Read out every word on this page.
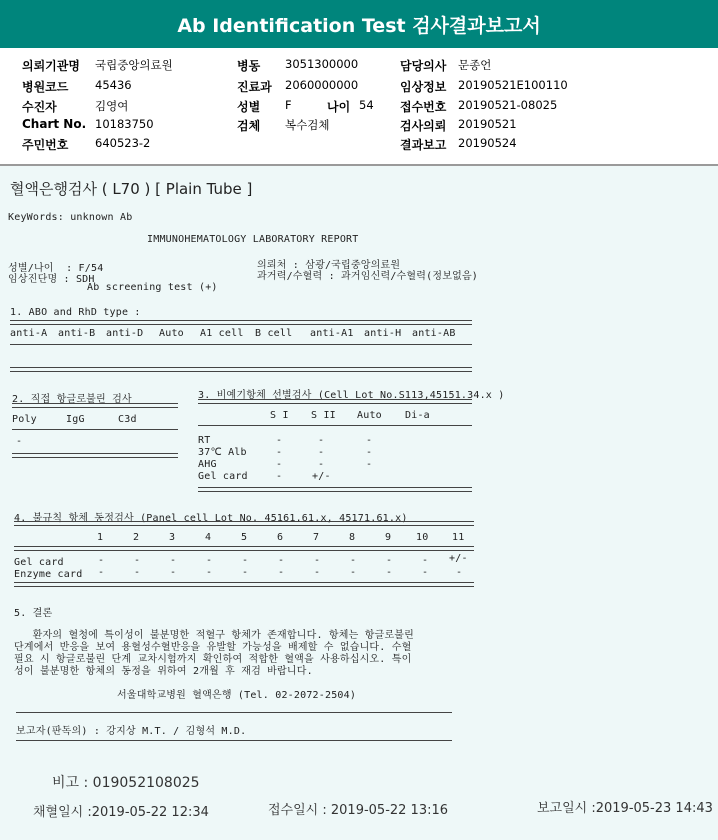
Ab Identification Test 검사결과보고서
의뢰기관명 국립중앙의료원
병원코드 45436
수진자	김영여
Chart No. 10183750
주민번호 640523-2
병동 3051300000
진료과 2060000000
성별 F	나이 54
검체 복수검체
담당의사 문종언
임상정보 20190521E100110
접수번호 20190521-08025
검사의뢰 20190521
결과보고 20190524
혈액은행검사 ( L70 ) [ Plain Tube ]
KeyWords: unknown Ab
IMMUNOHEMATOLOGY LABORATORY REPORT
성별/나이  : F/54
임상진단명 : SDH
Ab screening test (+)
의뢰처 : 삼광/국립중앙의료원
과거력/수혈력 : 과거임신력/수혈력(정보없음)
1. ABO and RhD type :
anti-A anti-B anti-D Auto A1 cell B cell anti-A1 anti-H anti-AB
2. 직접 항글로불린 검사
Poly	IgG	C3d
-
3. 비예기항체 선별검사 (Cell Lot No.S113,45151.34.x )
S I S II Auto Di-a
RT	-	-	-
37℃ Alb	-	-	-
AHG	-	-	-
Gel card	-	+/-
4. 불규칙 항체 동정검사 (Panel cell Lot No. 45161.61.x, 45171.61.x)
1	2	3	4	5	6	7	8	9 10 11
Gel card	-	-	-	-	-	-	-	-	-	- +/-
Enzyme card -	-	-	-	-	-	-	-	-	-	-
5. 결론
환자의 혈청에 특이성이 불분명한 적혈구 항체가 존재합니다. 항체는 항글로불린
단계에서 반응을 보여 용혈성수혈반응을 유발할 가능성을 배제할 수 없습니다. 수혈
필요 시 항글로불린 단계 교차시험까지 확인하여 적합한 혈액을 사용하십시오. 특이
성이 불분명한 항체의 동정을 위하여 2개월 후 재검 바랍니다.
서울대학교병원 혈액은행 (Tel. 02-2072-2504)
보고자(판독의) : 강지상 M.T. / 김형석 M.D.
비고 : 019052108025
채혈일시 :2019-05-22 12:34	접수일시 : 2019-05-22 13:16	보고일시 :2019-05-23 14:43
